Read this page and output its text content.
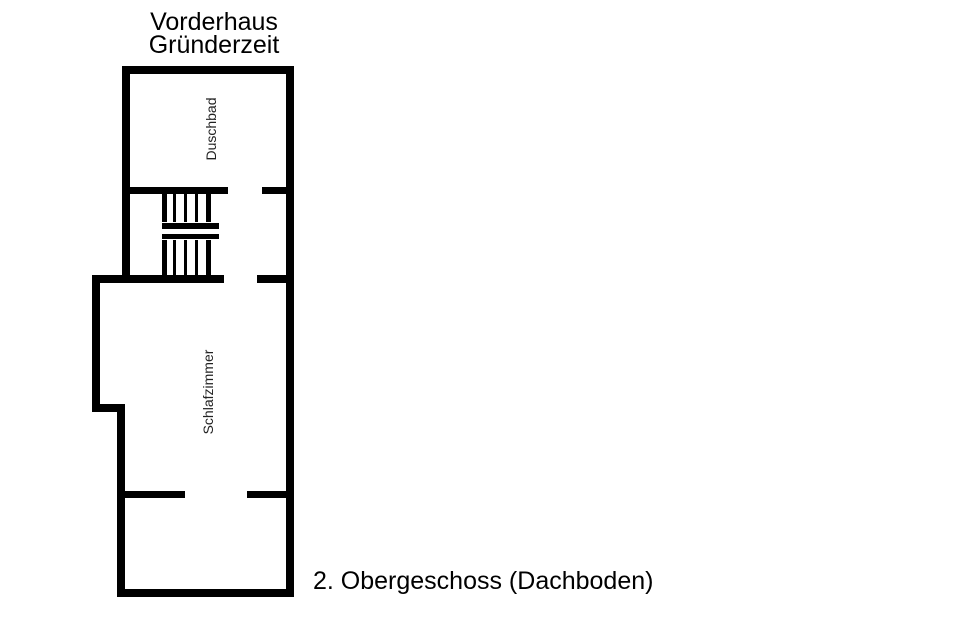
Vorderhaus
Gründerzeit
Duschbad
Schlafzimmer
2. Obergeschoss (Dachboden)
